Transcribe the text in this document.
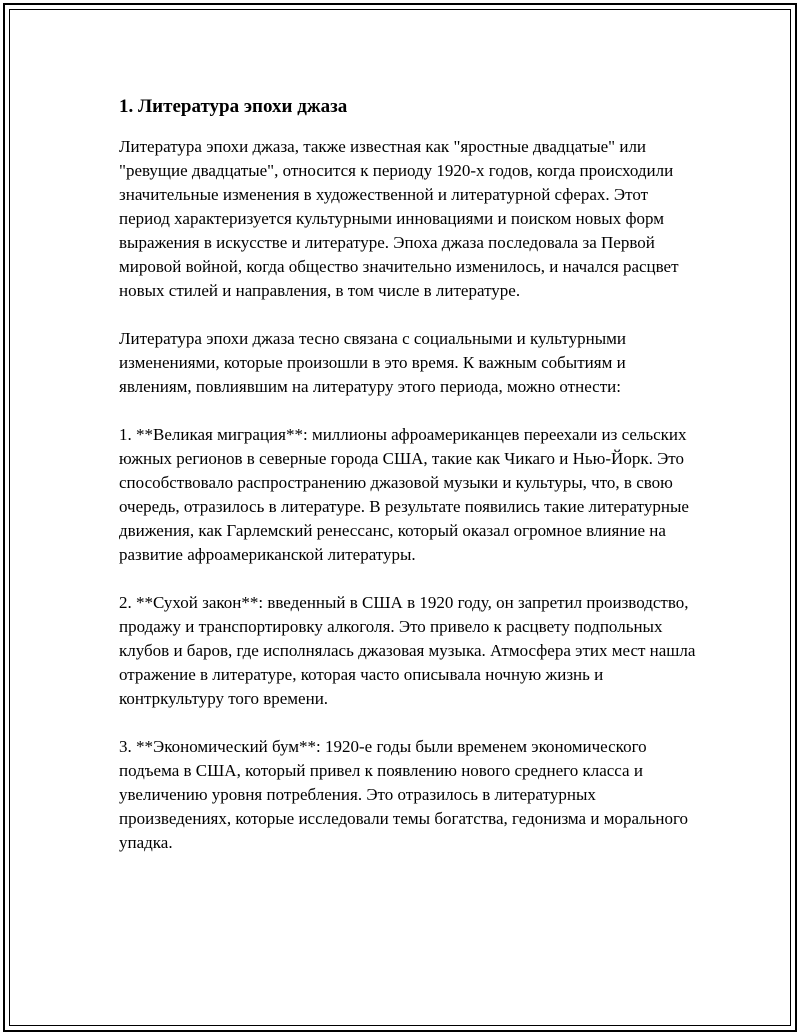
1. Литература эпохи джаза

Литература эпохи джаза, также известная как "яростные двадцатые" или "ревущие двадцатые", относится к периоду 1920-х годов, когда происходили значительные изменения в художественной и литературной сферах. Этот период характеризуется культурными инновациями и поиском новых форм выражения в искусстве и литературе. Эпоха джаза последовала за Первой мировой войной, когда общество значительно изменилось, и начался расцвет новых стилей и направления, в том числе в литературе.

Литература эпохи джаза тесно связана с социальными и культурными изменениями, которые произошли в это время. К важным событиям и явлениям, повлиявшим на литературу этого периода, можно отнести:

1. **Великая миграция**: миллионы афроамериканцев переехали из сельских южных регионов в северные города США, такие как Чикаго и Нью-Йорк. Это способствовало распространению джазовой музыки и культуры, что, в свою очередь, отразилось в литературе. В результате появились такие литературные движения, как Гарлемский ренессанс, который оказал огромное влияние на развитие афроамериканской литературы.

2. **Сухой закон**: введенный в США в 1920 году, он запретил производство, продажу и транспортировку алкоголя. Это привело к расцвету подпольных клубов и баров, где исполнялась джазовая музыка. Атмосфера этих мест нашла отражение в литературе, которая часто описывала ночную жизнь и контркультуру того времени.

3. **Экономический бум**: 1920-е годы были временем экономического подъема в США, который привел к появлению нового среднего класса и увеличению уровня потребления. Это отразилось в литературных произведениях, которые исследовали темы богатства, гедонизма и морального упадка.
